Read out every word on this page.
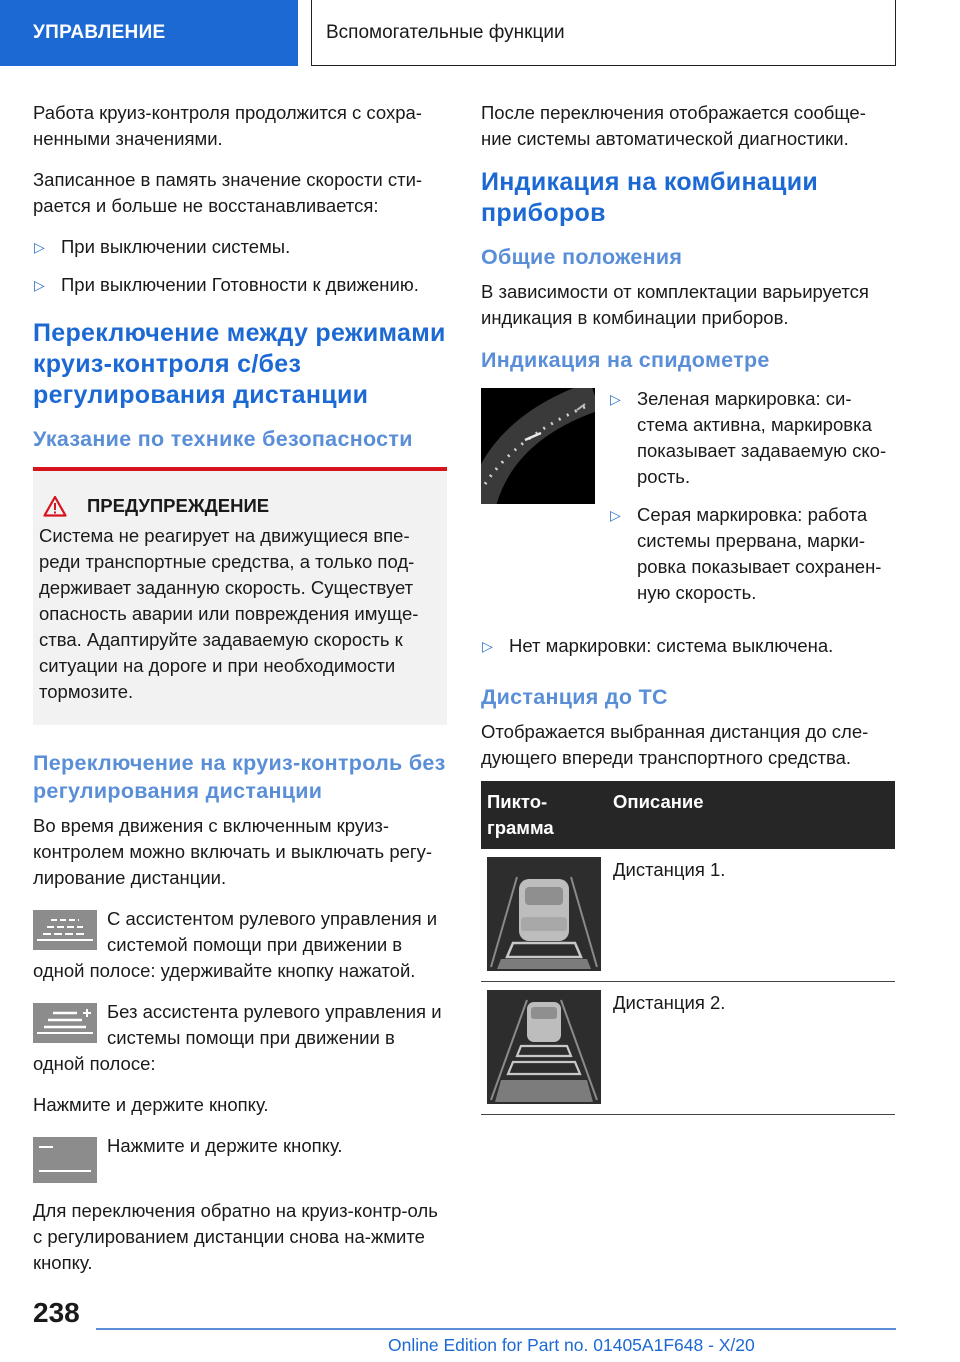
УПРАВЛЕНИЕ	Вспомогательные функции

Работа круиз-контроля продолжится с сохра-ненными значениями.

Записанное в память значение скорости сти-рается и больше не восстанавливается:

▷ При выключении системы.
▷ При выключении Готовности к движению.
Переключение между режимами круиз-контроля с/без регулирования дистанции
Указание по технике безопасности
ПРЕДУПРЕЖДЕНИЕ
Система не реагирует на движущиеся впе-реди транспортные средства, а только под-держивает заданную скорость. Существует опасность аварии или повреждения имуще-ства. Адаптируйте задаваемую скорость к ситуации на дороге и при необходимости тормозите.
Переключение на круиз-контроль без регулирования дистанции

Во время движения с включенным круиз-контролем можно включать и выключать регу-лирование дистанции.

С ассистентом рулевого управления и системой помощи при движении в одной полосе: удерживайте кнопку нажатой.
Без ассистента рулевого управления и системы помощи при движении в одной полосе:

Нажмите и держите кнопку.

Нажмите и держите кнопку.

Для переключения обратно на круиз-контр-оль с регулированием дистанции снова на-жмите кнопку.

После переключения отображается сообще-ние системы автоматической диагностики.

Индикация на комбинации приборов
Общие положения

В зависимости от комплектации варьируется индикация в комбинации приборов.

Индикация на спидометре
▷ Зеленая маркировка: си-стема активна, маркировка показывает задаваемую ско-рость.
▷ Серая маркировка: работа системы прервана, марки-ровка показывает сохранен-ную скорость.
▷ Нет маркировки: система выключена.
Дистанция до ТС

Отображается выбранная дистанция до сле-дующего впереди транспортного средства.

Пикто-грамма	Описание

	Дистанция 1.

	Дистанция 2.
238
Online Edition for Part no. 01405A1F648 - X/20
